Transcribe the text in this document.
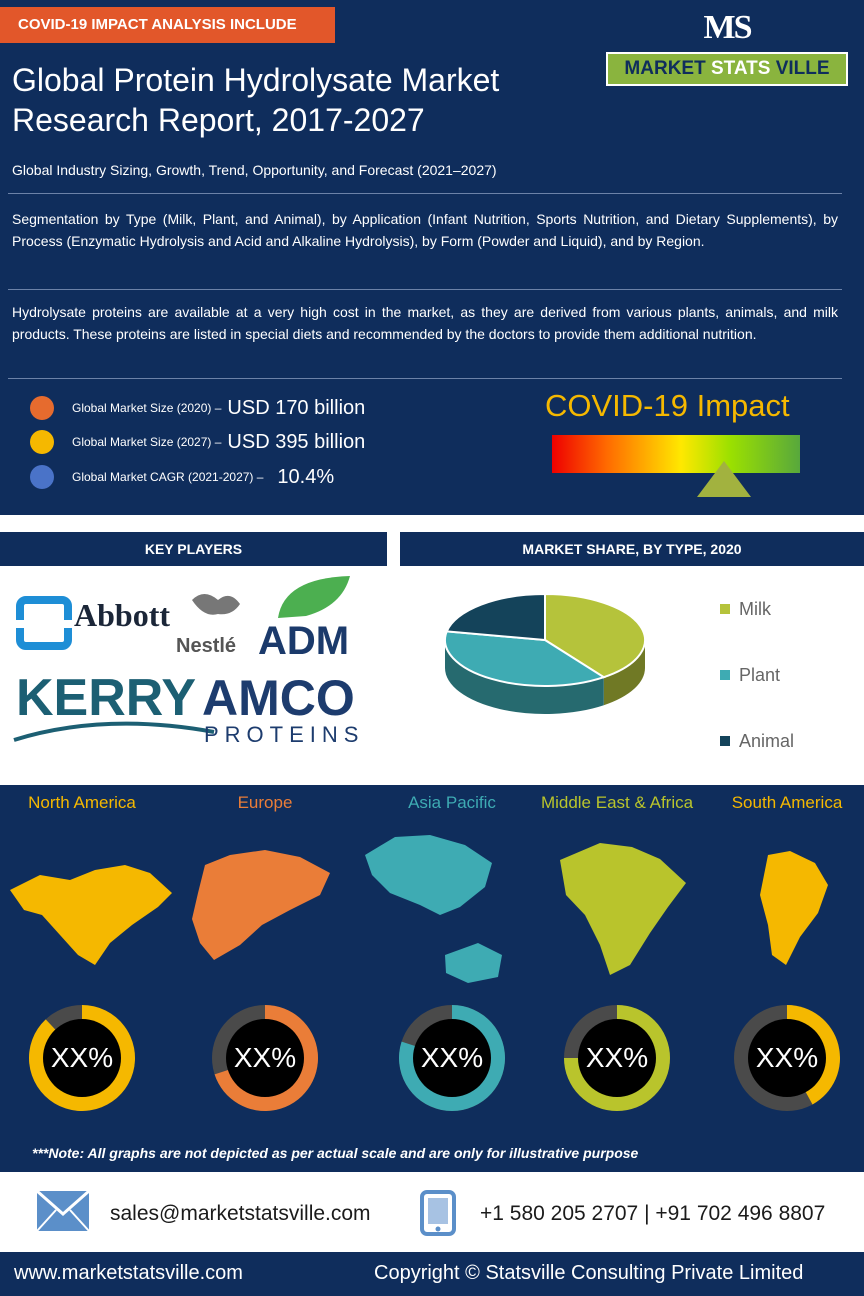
COVID-19 IMPACT ANALYSIS INCLUDE	MS
MARKET STATS VILLE
Global Protein Hydrolysate Market Research Report, 2017-2027
Global Industry Sizing, Growth, Trend, Opportunity, and Forecast (2021–2027)
Segmentation by Type (Milk, Plant, and Animal), by Application (Infant Nutrition, Sports Nutrition, and Dietary Supplements), by Process (Enzymatic Hydrolysis and Acid and Alkaline Hydrolysis), by Form (Powder and Liquid), and by Region.
Hydrolysate proteins are available at a very high cost in the market, as they are derived from various plants, animals, and milk products. These proteins are listed in special diets and recommended by the doctors to provide them additional nutrition.
Global Market Size (2020) – USD 170 billion
Global Market Size (2027) – USD 395 billion
Global Market CAGR (2021-2027) – 10.4%
COVID-19 Impact
KEY PLAYERS	MARKET SHARE, BY TYPE, 2020
Abbott
Nestlé ADM
KERRY AMCO
PROTEINS
Milk
Plant
Animal
North America
XX%
Europe
XX%
Asia Pacific
XX%
Middle East & Africa
XX%
South America
XX%
***Note: All graphs are not depicted as per actual scale and are only for illustrative purpose
sales@marketstatsville.com	+1 580 205 2707 | +91 702 496 8807
www.marketstatsville.com	Copyright © Statsville Consulting Private Limited
